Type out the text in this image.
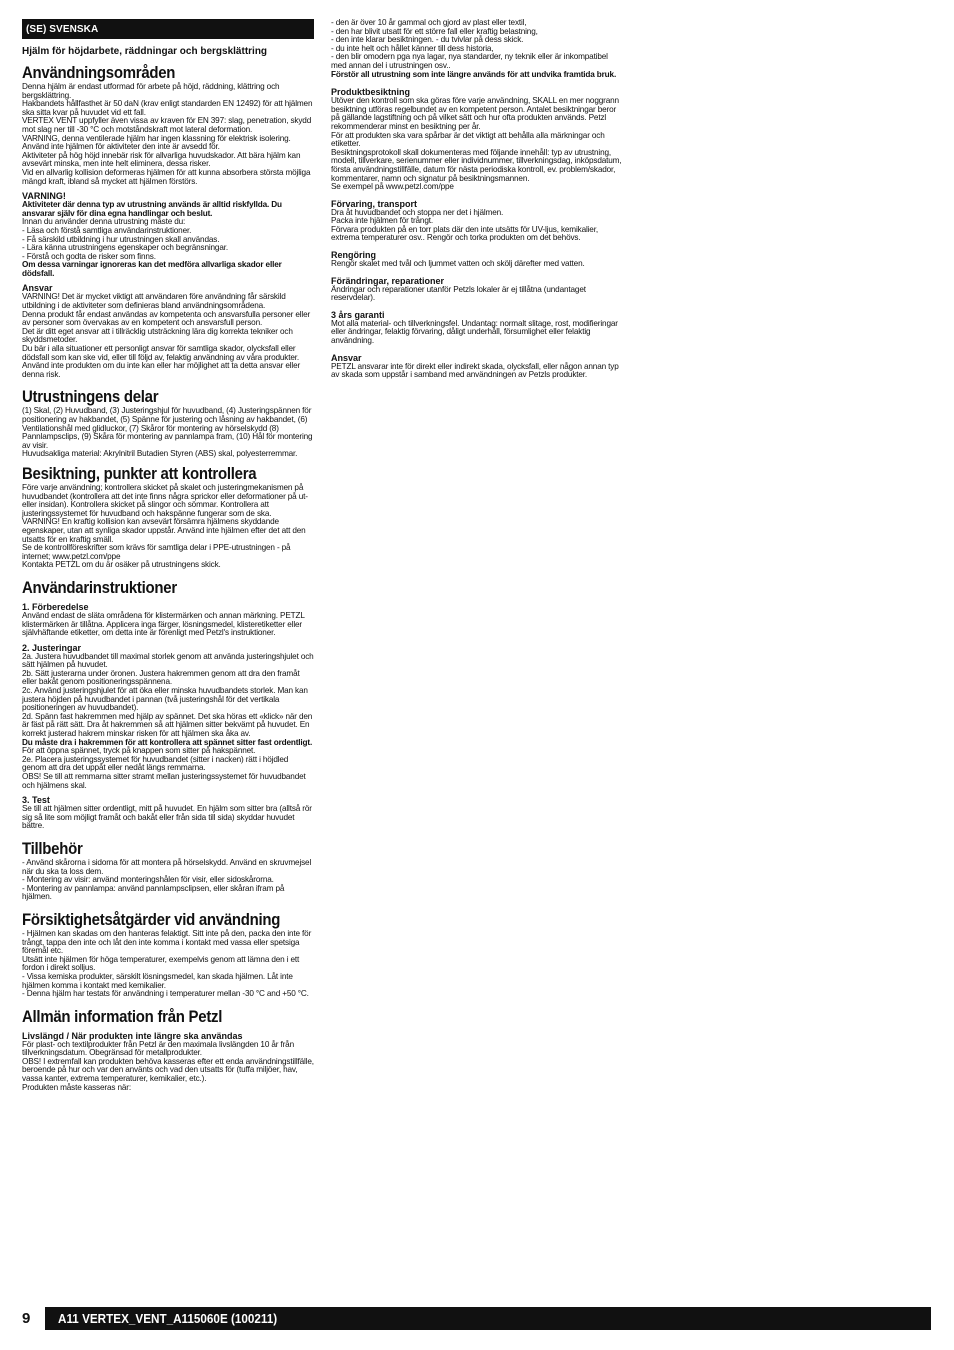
(SE) SVENSKA
Hjälm för höjdarbete, räddningar och bergsklättring
Användningsområden

Denna hjälm är endast utformad för arbete på höjd, räddning, klättring och bergsklättring.

Hakbandets hållfasthet är 50 daN (krav enligt standarden EN 12492) för att hjälmen ska sitta kvar på huvudet vid ett fall.

VERTEX VENT uppfyller även vissa av kraven för EN 397: slag, penetration, skydd mot slag ner till -30 °C och motståndskraft mot lateral deformation.

VARNING, denna ventilerade hjälm har ingen klassning för elektrisk isolering.

Använd inte hjälmen för aktiviteter den inte är avsedd för.

Aktiviteter på hög höjd innebär risk för allvarliga huvudskador. Att bära hjälm kan avsevärt minska, men inte helt eliminera, dessa risker.

Vid en allvarlig kollision deformeras hjälmen för att kunna absorbera största möjliga mängd kraft, ibland så mycket att hjälmen förstörs.

VARNING!

Aktiviteter där denna typ av utrustning används är alltid riskfyllda. Du ansvarar själv för dina egna handlingar och beslut.

Innan du använder denna utrustning måste du:

- Läsa och förstå samtliga användarinstruktioner.

- Få särskild utbildning i hur utrustningen skall användas.

- Lära känna utrustningens egenskaper och begränsningar.

- Förstå och godta de risker som finns.

Om dessa varningar ignoreras kan det medföra allvarliga skador eller dödsfall.

Ansvar

VARNING! Det är mycket viktigt att användaren före användning får särskild utbildning i de aktiviteter som definieras bland användningsområdena.

Denna produkt får endast användas av kompetenta och ansvarsfulla personer eller av personer som övervakas av en kompetent och ansvarsfull person.

Det är ditt eget ansvar att i tillräcklig utsträckning lära dig korrekta tekniker och skyddsmetoder.

Du bär i alla situationer ett personligt ansvar för samtliga skador, olycksfall eller dödsfall som kan ske vid, eller till följd av, felaktig användning av våra produkter. Använd inte produkten om du inte kan eller har möjlighet att ta detta ansvar eller denna risk.

Utrustningens delar

(1) Skal, (2) Huvudband, (3) Justeringshjul för huvudband, (4) Justeringspännen för positionering av hakbandet, (5) Spänne för justering och låsning av hakbandet, (6) Ventilationshål med glidluckor, (7) Skåror för montering av hörselskydd (8) Pannlampsclips, (9) Skåra för montering av pannlampa fram, (10) Hål för montering av visir.

Huvudsakliga material: Akrylnitril Butadien Styren (ABS) skal, polyesterremmar.

Besiktning, punkter att kontrollera

Före varje användning; kontrollera skicket på skalet och justeringmekanismen på huvudbandet (kontrollera att det inte finns några sprickor eller deformationer på ut- eller insidan). Kontrollera skicket på slingor och sömmar. Kontrollera att justeringssystemet för huvudband och hakspänne fungerar som de ska.

VARNING! En kraftig kollision kan avsevärt försämra hjälmens skyddande egenskaper, utan att synliga skador uppstår. Använd inte hjälmen efter det att den utsatts för en kraftig smäll.

Se de kontrollföreskrifter som krävs för samtliga delar i PPE-utrustningen - på internet; www.petzl.com/ppe

Kontakta PETZL om du är osäker på utrustningens skick.

Användarinstruktioner
1. Förberedelse

Använd endast de släta områdena för klistermärken och annan märkning. PETZL klistermärken är tillåtna. Applicera inga färger, lösningsmedel, klisteretiketter eller självhäftande etiketter, om detta inte är förenligt med Petzl's instruktioner.

2. Justeringar

2a. Justera huvudbandet till maximal storlek genom att använda justeringshjulet och sätt hjälmen på huvudet.

2b. Sätt justerarna under öronen. Justera hakremmen genom att dra den framåt eller bakåt genom positioneringsspännena.

2c. Använd justeringshjulet för att öka eller minska huvudbandets storlek. Man kan justera höjden på huvudbandet i pannan (två justeringshål för det vertikala positioneringen av huvudbandet).

2d. Spänn fast hakremmen med hjälp av spännet. Det ska höras ett «klick» när den är fäst på rätt sätt. Dra åt hakremmen så att hjälmen sitter bekvämt på huvudet. En korrekt justerad hakrem minskar risken för att hjälmen ska åka av.

Du måste dra i hakremmen för att kontrollera att spännet sitter fast ordentligt.

För att öppna spännet, tryck på knappen som sitter på hakspännet.

2e. Placera justeringssystemet för huvudbandet (sitter i nacken) rätt i höjdled genom att dra det uppåt eller nedåt längs remmarna.

OBS! Se till att remmarna sitter stramt mellan justeringssystemet för huvudbandet och hjälmens skal.

3. Test

Se till att hjälmen sitter ordentligt, mitt på huvudet. En hjälm som sitter bra (alltså rör sig så lite som möjligt framåt och bakåt eller från sida till sida) skyddar huvudet bättre.

Tillbehör

- Använd skårorna i sidorna för att montera på hörselskydd. Använd en skruvmejsel när du ska ta loss dem.

- Montering av visir: använd monteringshålen för visir, eller sidoskårorna.

- Montering av pannlampa: använd pannlampsclipsen, eller skåran ifram på hjälmen.

Försiktighetsåtgärder vid användning

- Hjälmen kan skadas om den hanteras felaktigt. Sitt inte på den, packa den inte för trångt, tappa den inte och låt den inte komma i kontakt med vassa eller spetsiga föremål etc.

Utsätt inte hjälmen för höga temperaturer, exempelvis genom att lämna den i ett fordon i direkt solljus.

- Vissa kemiska produkter, särskilt lösningsmedel, kan skada hjälmen. Låt inte hjälmen komma i kontakt med kemikalier.

- Denna hjälm har testats för användning i temperaturer mellan -30 °C and +50 °C.

Allmän information från Petzl
Livslängd / När produkten inte längre ska användas

För plast- och textilprodukter från Petzl är den maximala livslängden 10 år från tillverkningsdatum. Obegränsad för metallprodukter.

OBS! I extremfall kan produkten behöva kasseras efter ett enda användningstillfälle, beroende på hur och var den använts och vad den utsatts för (tuffa miljöer, hav, vassa kanter, extrema temperaturer, kemikalier, etc.).

Produkten måste kasseras när:

- den är över 10 år gammal och gjord av plast eller textil,

- den har blivit utsatt för ett större fall eller kraftig belastning,

- den inte klarar besiktningen. - du tvivlar på dess skick.

- du inte helt och hållet känner till dess historia,

- den blir omodern pga nya lagar, nya standarder, ny teknik eller är inkompatibel med annan del i utrustningen osv..

Förstör all utrustning som inte längre används för att undvika framtida bruk.

Produktbesiktning

Utöver den kontroll som ska göras före varje användning, SKALL en mer noggrann besiktning utföras regelbundet av en kompetent person. Antalet besiktningar beror på gällande lagstiftning och på vilket sätt och hur ofta produkten används. Petzl rekommenderar minst en besiktning per år.

För att produkten ska vara spårbar är det viktigt att behålla alla märkningar och etiketter.

Besiktningsprotokoll skall dokumenteras med följande innehåll: typ av utrustning, modell, tillverkare, serienummer eller individnummer, tillverkningsdag, inköpsdatum, första användningstillfälle, datum för nästa periodiska kontroll, ev. problem/skador, kommentarer, namn och signatur på besiktningsmannen.

Se exempel på www.petzl.com/ppe

Förvaring, transport

Dra åt huvudbandet och stoppa ner det i hjälmen.

Packa inte hjälmen för trångt.

Förvara produkten på en torr plats där den inte utsätts för UV-ljus, kemikalier, extrema temperaturer osv.. Rengör och torka produkten om det behövs.

Rengöring

Rengör skalet med tvål och ljummet vatten och skölj därefter med vatten.

Förändringar, reparationer

Ändringar och reparationer utanför Petzls lokaler är ej tillåtna (undantaget reservdelar).

3 års garanti

Mot alla material- och tillverkningsfel. Undantag: normalt slitage, rost, modifieringar eller ändringar, felaktig förvaring, dåligt underhåll, försumlighet eller felaktig användning.

Ansvar

PETZL ansvarar inte för direkt eller indirekt skada, olycksfall, eller någon annan typ av skada som uppstår i samband med användningen av Petzls produkter.

9	A11 VERTEX_VENT_A115060E (100211)
